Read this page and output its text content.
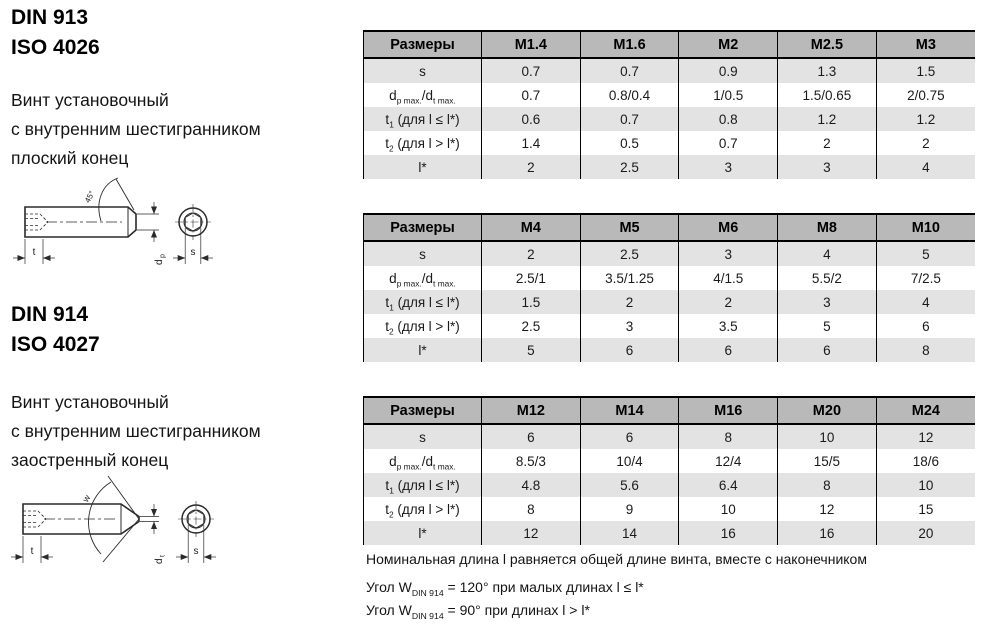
DIN 913
ISO 4026
Винт установочный
с внутренним шестигранником
плоский конец
45°
t
d
p s
DIN 914
ISO 4027
Винт установочный
с внутренним шестигранником
заостренный конец
w
t
d
t	s
Размеры	M1.4	M1.6	M2	M2.5	M3
s	0.7	0.7	0.9	1.3	1.5
$d_{p max.}/d_{t max.}$	0.7	0.8/0.4	1/0.5	1.5/0.65	2/0.75
$t_1$ (для l ≤ l*)	0.6	0.7	0.8	1.2	1.2
$t_2$ (для l > l*)	1.4	0.5	0.7	2	2
l*	2	2.5	3	3	4
Размеры	M4	M5	M6	M8	M10
s	2	2.5	3	4	5
$d_{p max.}/d_{t max.}$	2.5/1	3.5/1.25	4/1.5	5.5/2	7/2.5
$t_1$ (для l ≤ l*)	1.5	2	2	3	4
$t_2$ (для l > l*)	2.5	3	3.5	5	6
l*	5	6	6	6	8
Размеры	M12	M14	M16	M20	M24
s	6	6	8	10	12
$d_{p max.}/d_{t max.}$	8.5/3	10/4	12/4	15/5	18/6
$t_1$ (для l ≤ l*)	4.8	5.6	6.4	8	10
$t_2$ (для l > l*)	8	9	10	12	15
l*	12	14	16	16	20
Номинальная длина l равняется общей длине винта, вместе с наконечником
Угол $W_{DIN 914} = 120^\circ$ при малых длинах l ≤ l*
Угол $W_{DIN 914} = 90^\circ$ при длинах l > l*
